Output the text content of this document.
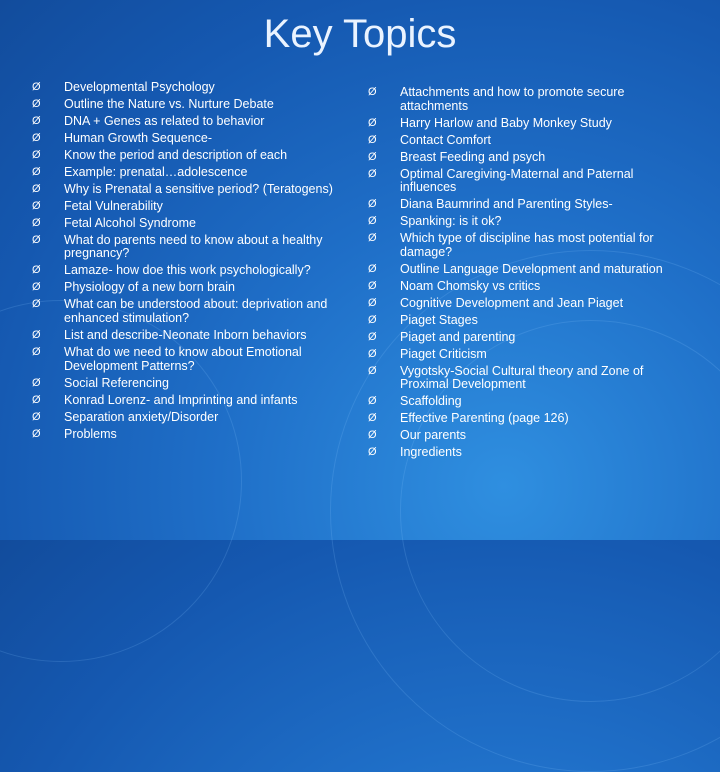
Key Topics
Ø Developmental Psychology
Ø Outline the Nature vs. Nurture Debate
Ø DNA + Genes as related to behavior
Ø Human Growth Sequence-
Ø Know the period and description of each
Ø Example: prenatal…adolescence
Ø Why is Prenatal a sensitive period? (Teratogens)
Ø Fetal Vulnerability
Ø Fetal Alcohol Syndrome
Ø What do parents need to know about a healthy pregnancy?
Ø Lamaze- how doe this work psychologically?
Ø Physiology of a new born brain
Ø What can be understood about: deprivation and enhanced stimulation?
Ø List and describe-Neonate Inborn behaviors
Ø What do we need to know about Emotional Development Patterns?
Ø Social Referencing
Ø Konrad Lorenz- and Imprinting and infants
Ø Separation anxiety/Disorder
Ø Problems
Ø Attachments and how to promote secure attachments
Ø Harry Harlow and Baby Monkey Study
Ø Contact Comfort
Ø Breast Feeding and psych
Ø Optimal Caregiving-Maternal and Paternal influences
Ø Diana Baumrind and Parenting Styles-
Ø Spanking: is it ok?
Ø Which type of discipline has most potential for damage?
Ø Outline Language Development and maturation
Ø Noam Chomsky vs critics
Ø Cognitive Development and Jean Piaget
Ø Piaget Stages
Ø Piaget and parenting
Ø Piaget Criticism
Ø Vygotsky-Social Cultural theory and Zone of Proximal Development
Ø Scaffolding
Ø Effective Parenting (page 126)
Ø Our parents
Ø Ingredients
